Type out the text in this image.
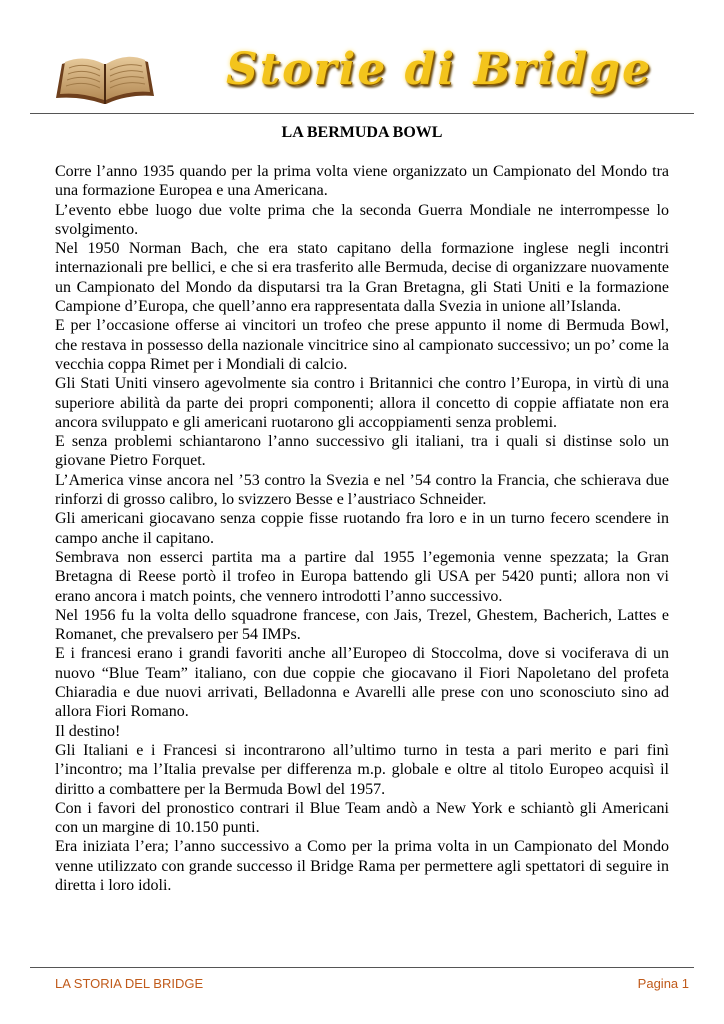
Storie di Bridge
LA BERMUDA BOWL

Corre l’anno 1935 quando per la prima volta viene organizzato un Campionato del Mondo tra una formazione Europea e una Americana.

L’evento ebbe luogo due volte prima che la seconda Guerra Mondiale ne interrompesse lo svolgimento.

Nel 1950 Norman Bach, che era stato capitano della formazione inglese negli incontri internazionali pre bellici, e che si era trasferito alle Bermuda, decise di organizzare nuovamente un Campionato del Mondo da disputarsi tra la Gran Bretagna, gli Stati Uniti e la formazione Campione d’Europa, che quell’anno era rappresentata dalla Svezia in unione all’Islanda.

E per l’occasione offerse ai vincitori un trofeo che prese appunto il nome di Bermuda Bowl, che restava in possesso della nazionale vincitrice sino al campionato successivo; un po’ come la vecchia coppa Rimet per i Mondiali di calcio.

Gli Stati Uniti vinsero agevolmente sia contro i Britannici che contro l’Europa, in virtù di una superiore abilità da parte dei propri componenti; allora il concetto di coppie affiatate non era ancora sviluppato e gli americani ruotarono gli accoppiamenti senza problemi.

E senza problemi schiantarono l’anno successivo gli italiani, tra i quali si distinse solo un giovane Pietro Forquet.

L’America vinse ancora nel ’53 contro la Svezia e nel ’54 contro la Francia, che schierava due rinforzi di grosso calibro, lo svizzero Besse e l’austriaco Schneider.

Gli americani giocavano senza coppie fisse ruotando fra loro e in un turno fecero scendere in campo anche il capitano.

Sembrava non esserci partita ma a partire dal 1955 l’egemonia venne spezzata; la Gran Bretagna di Reese portò il trofeo in Europa battendo gli USA per 5420 punti; allora non vi erano ancora i match points, che vennero introdotti l’anno successivo.

Nel 1956 fu la volta dello squadrone francese, con Jais, Trezel, Ghestem, Bacherich, Lattes e Romanet, che prevalsero per 54 IMPs.

E i francesi erano i grandi favoriti anche all’Europeo di Stoccolma, dove si vociferava di un nuovo “Blue Team” italiano, con due coppie che giocavano il Fiori Napoletano del profeta Chiaradia e due nuovi arrivati, Belladonna e Avarelli alle prese con uno sconosciuto sino ad allora Fiori Romano.

Il destino!

Gli Italiani e i Francesi si incontrarono all’ultimo turno in testa a pari merito e pari finì l’incontro; ma l’Italia prevalse per differenza m.p. globale e oltre al titolo Europeo acquisì il diritto a combattere per la Bermuda Bowl del 1957.

Con i favori del pronostico contrari il Blue Team andò a New York e schiantò gli Americani con un margine di 10.150 punti.

Era iniziata l’era; l’anno successivo a Como per la prima volta in un Campionato del Mondo venne utilizzato con grande successo il Bridge Rama per permettere agli spettatori di seguire in diretta i loro idoli.

LA STORIA DEL BRIDGE	Pagina 1
